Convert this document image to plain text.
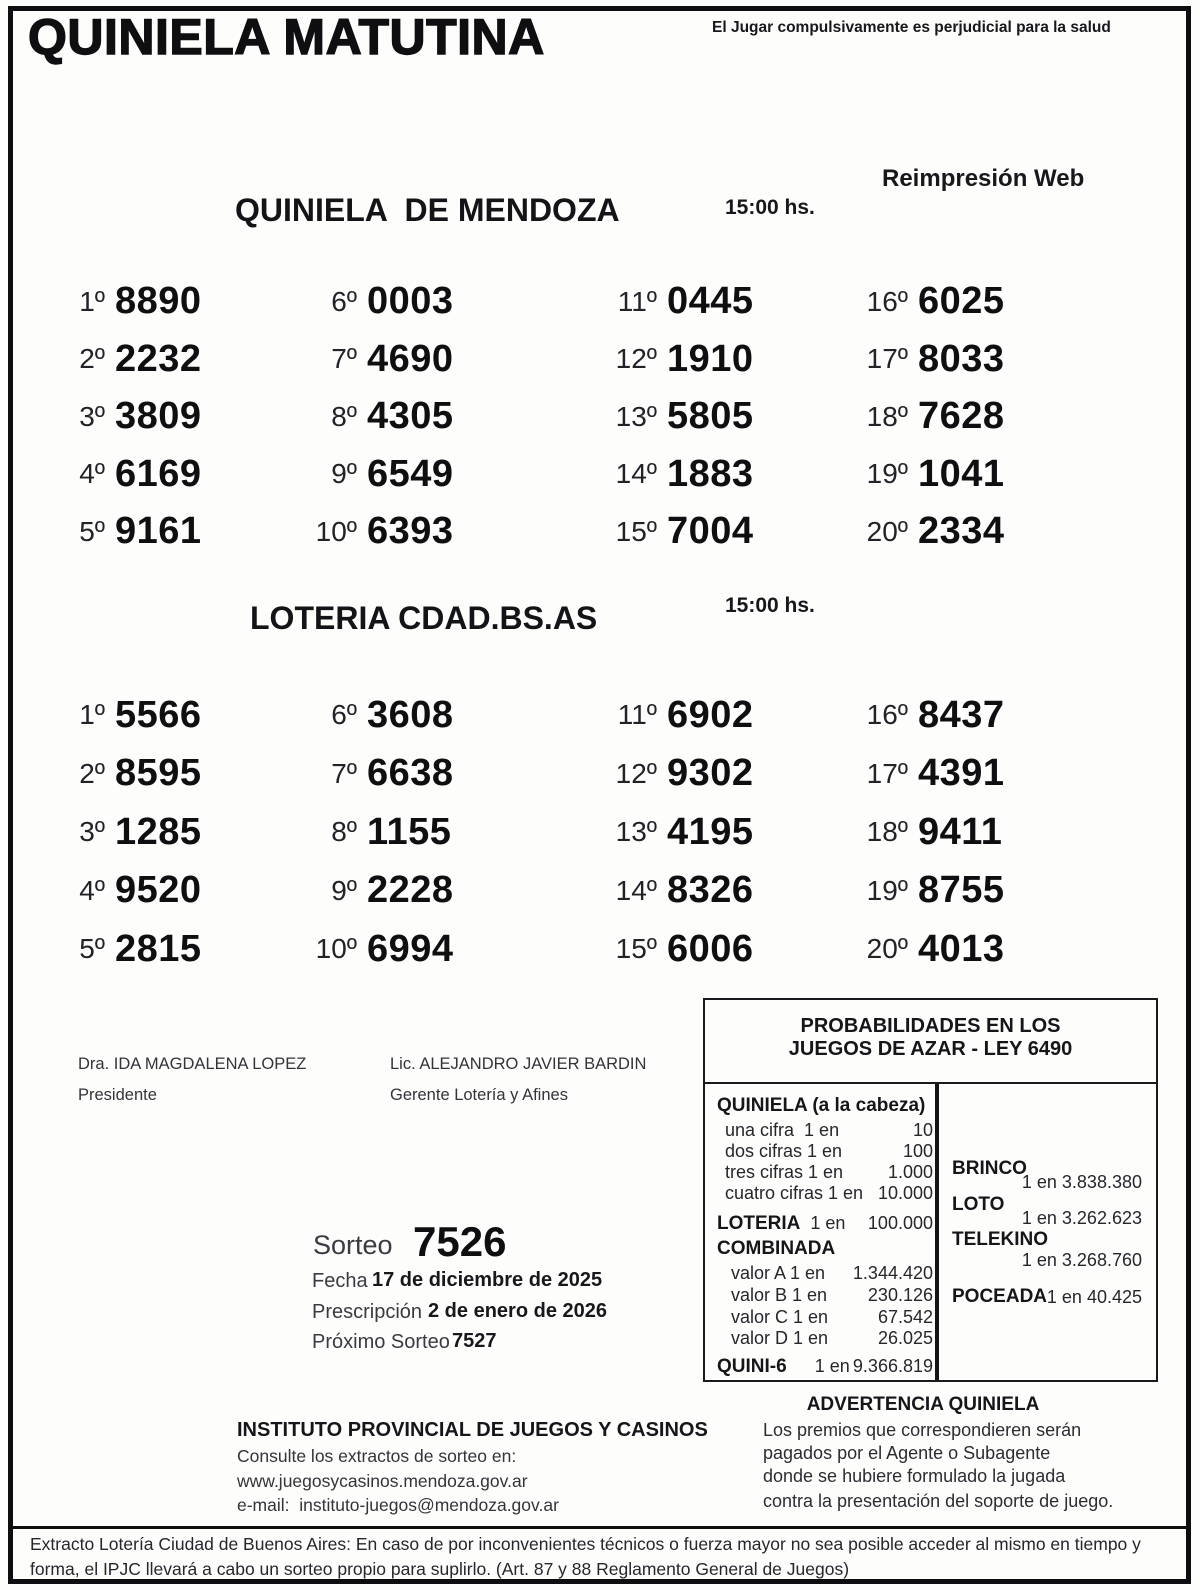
QUINIELA MATUTINA	El Jugar compulsivamente es perjudicial para la salud
Reimpresión Web
QUINIELA  DE MENDOZA	15:00 hs.
1º 8890
2º 2232
3º 3809
4º 6169
5º 9161
6º 0003
7º 4690
8º 4305
9º 6549
10º 6393
11º 0445
12º 1910
13º 5805
14º 1883
15º 7004
16º 6025
17º 8033
18º 7628
19º 1041
20º 2334
LOTERIA CDAD.BS.AS	15:00 hs.
1º 5566
2º 8595
3º 1285
4º 9520
5º 2815
6º 3608
7º 6638
8º 1155
9º 2228
10º 6994
11º 6902
12º 9302
13º 4195
14º 8326
15º 6006
16º 8437
17º 4391
18º 9411
19º 8755
20º 4013
Dra. IDA MAGDALENA LOPEZ
Presidente
Lic. ALEJANDRO JAVIER BARDIN
Gerente Lotería y Afines
Sorteo 7526
Fecha 17 de diciembre de 2025
Prescripción 2 de enero de 2026
Próximo Sorteo 7527
PROBABILIDADES EN LOS
JUEGOS DE AZAR - LEY 6490
QUINIELA (a la cabeza)
una cifra  1 en	10
dos cifras 1 en	100
tres cifras 1 en 1.000
cuatro cifras 1 en 10.000
LOTERIA 1 en 100.000
COMBINADA
valor A 1 en 1.344.420
valor B 1 en 230.126
valor C 1 en	67.542
valor D 1 en	26.025
QUINI-6 1 en 9.366.819
BRINCO
1 en 3.838.380
LOTO
1 en 3.262.623
TELEKINO
1 en 3.268.760
POCEADA 1 en 40.425
ADVERTENCIA QUINIELA
Los premios que correspondieren serán
pagados por el Agente o Subagente
donde se hubiere formulado la jugada
contra la presentación del soporte de juego.
INSTITUTO PROVINCIAL DE JUEGOS Y CASINOS
Consulte los extractos de sorteo en:
www.juegosycasinos.mendoza.gov.ar
e-mail:  instituto-juegos@mendoza.gov.ar
Extracto Lotería Ciudad de Buenos Aires: En caso de por inconvenientes técnicos o fuerza mayor no sea posible acceder al mismo en tiempo y
forma, el IPJC llevará a cabo un sorteo propio para suplirlo. (Art. 87 y 88 Reglamento General de Juegos)
